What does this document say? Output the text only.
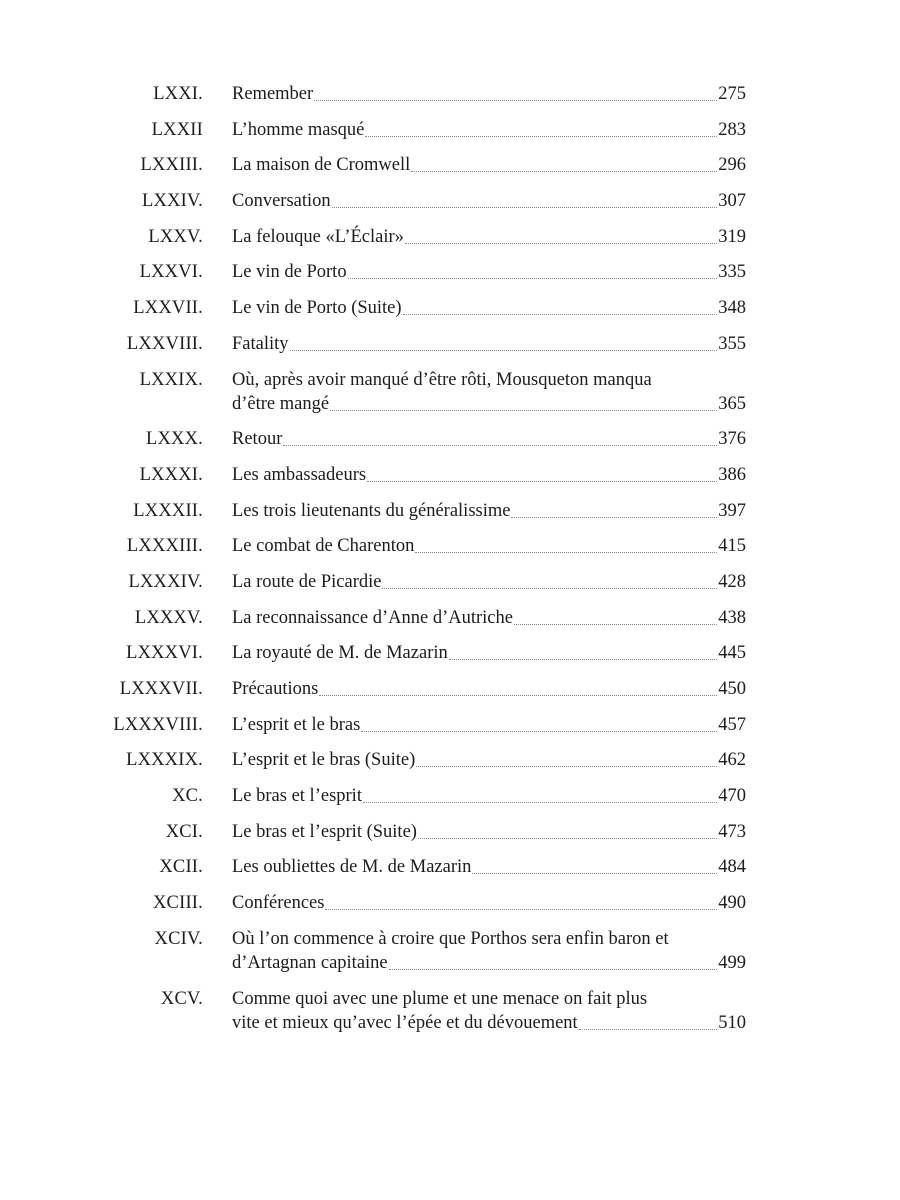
LXXI. Remember	275
LXXII L’homme masqué	283
LXXIII. La maison de Cromwell	296
LXXIV. Conversation	307
LXXV. La felouque «L’Éclair»	319
LXXVI. Le vin de Porto	335
LXXVII. Le vin de Porto (Suite)	348
LXXVIII. Fatality	355
LXXIX. Où, après avoir manqué d’être rôti, Mousqueton manqua
d’être mangé	365
LXXX. Retour	376
LXXXI. Les ambassadeurs	386
LXXXII. Les trois lieutenants du généralissime	397
LXXXIII. Le combat de Charenton	415
LXXXIV. La route de Picardie	428
LXXXV. La reconnaissance d’Anne d’Autriche	438
LXXXVI. La royauté de M. de Mazarin	445
LXXXVII. Précautions	450
LXXXVIII. L’esprit et le bras	457
LXXXIX. L’esprit et le bras (Suite)	462
XC. Le bras et l’esprit	470
XCI. Le bras et l’esprit (Suite)	473
XCII. Les oubliettes de M. de Mazarin	484
XCIII. Conférences	490
XCIV. Où l’on commence à croire que Porthos sera enfin baron et
d’Artagnan capitaine	499
XCV. Comme quoi avec une plume et une menace on fait plus
vite et mieux qu’avec l’épée et du dévouement	510
